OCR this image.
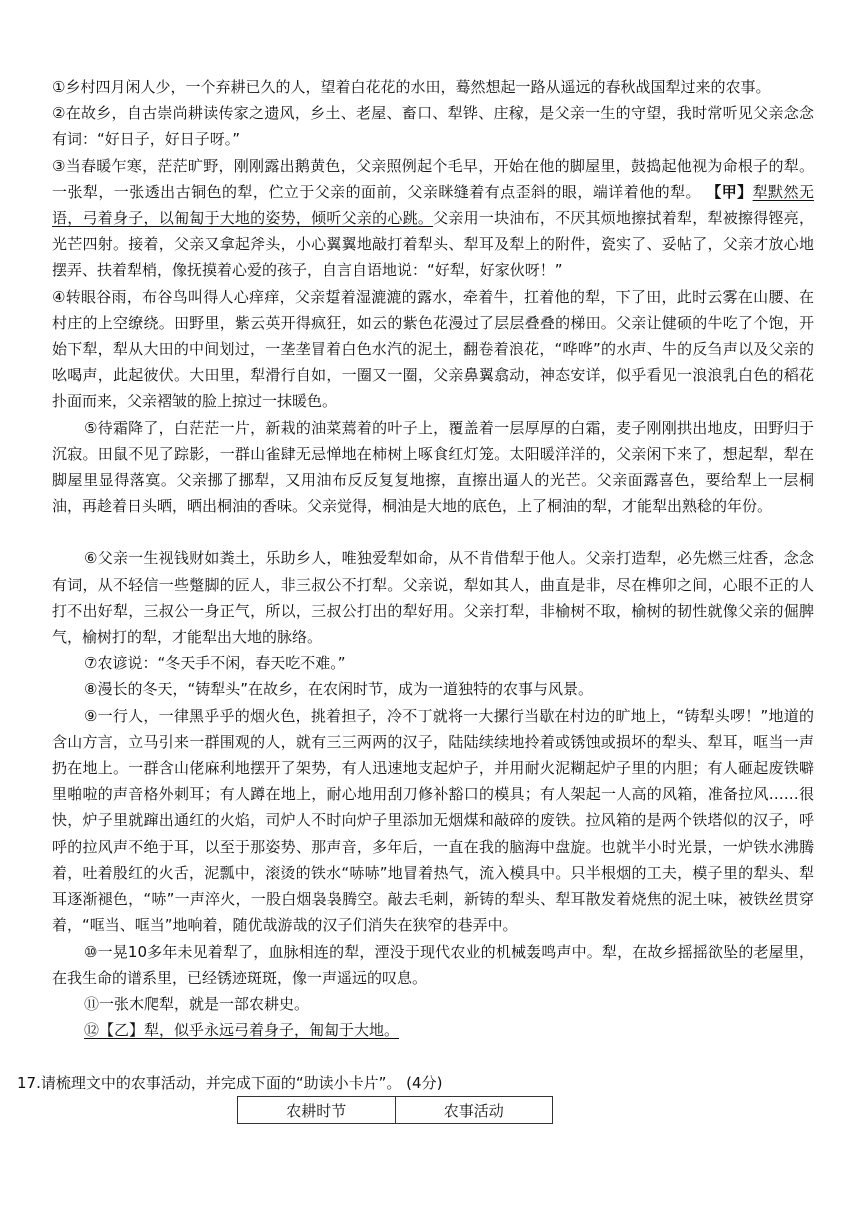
①乡村四月闲人少，一个弃耕已久的人，望着白花花的水田，蓦然想起一路从遥远的春秋战国犁过来的农事。

②在故乡，自古崇尚耕读传家之遗风，乡土、老屋、畜口、犁铧、庄稼，是父亲一生的守望，我时常听见父亲念念有词：“好日子，好日子呀。”

③当春暖乍寒，茫茫旷野，刚刚露出鹅黄色，父亲照例起个毛早，开始在他的脚屋里，鼓捣起他视为命根子的犁。一张犁，一张透出古铜色的犁，伫立于父亲的面前，父亲眯缝着有点歪斜的眼，端详着他的犁。 【甲】犁默然无语，弓着身子，以匍匐于大地的姿势，倾听父亲的心跳。父亲用一块油布，不厌其烦地擦拭着犁，犁被擦得铿亮，光芒四射。接着，父亲又拿起斧头，小心翼翼地敲打着犁头、犁耳及犁上的附件，瓷实了、妥帖了，父亲才放心地摆弄、扶着犁梢，像抚摸着心爱的孩子，自言自语地说：“好犁，好家伙呀！”

④转眼谷雨，布谷鸟叫得人心痒痒，父亲踅着湿漉漉的露水，牵着牛，扛着他的犁，下了田，此时云雾在山腰、在村庄的上空缭绕。田野里，紫云英开得疯狂，如云的紫色花漫过了层层叠叠的梯田。父亲让健硕的牛吃了个饱，开始下犁，犁从大田的中间划过，一垄垄冒着白色水汽的泥土，翻卷着浪花，“哗哗”的水声、牛的反刍声以及父亲的吆喝声，此起彼伏。大田里，犁滑行自如，一圈又一圈，父亲鼻翼翕动，神态安详，似乎看见一浪浪乳白色的稻花扑面而来，父亲褶皱的脸上掠过一抹暖色。

⑤待霜降了，白茫茫一片，新栽的油菜蔫着的叶子上，覆盖着一层厚厚的白霜，麦子刚刚拱出地皮，田野归于沉寂。田鼠不见了踪影，一群山雀肆无忌惮地在柿树上啄食红灯笼。太阳暖洋洋的，父亲闲下来了，想起犁，犁在脚屋里显得落寞。父亲挪了挪犁，又用油布反反复复地擦，直擦出逼人的光芒。父亲面露喜色，要给犁上一层桐油，再趁着日头晒，晒出桐油的香味。父亲觉得，桐油是大地的底色，上了桐油的犁，才能犁出熟稔的年份。

⑥父亲一生视钱财如粪土，乐助乡人，唯独爱犁如命，从不肯借犁于他人。父亲打造犁，必先燃三炷香，念念有词，从不轻信一些蹩脚的匠人，非三叔公不打犁。父亲说，犁如其人，曲直是非，尽在榫卯之间，心眼不正的人打不出好犁，三叔公一身正气，所以，三叔公打出的犁好用。父亲打犁，非榆树不取，榆树的韧性就像父亲的倔脾气，榆树打的犁，才能犁出大地的脉络。

⑦农谚说：“冬天手不闲，春天吃不难。”

⑧漫长的冬天，“铸犁头”在故乡，在农闲时节，成为一道独特的农事与风景。

⑨一行人，一律黑乎乎的烟火色，挑着担子，冷不丁就将一大摞行当歇在村边的旷地上，“铸犁头啰！”地道的含山方言，立马引来一群围观的人，就有三三两两的汉子，陆陆续续地拎着或锈蚀或损坏的犁头、犁耳，哐当一声扔在地上。一群含山佬麻利地摆开了架势，有人迅速地支起炉子，并用耐火泥糊起炉子里的内胆；有人砸起废铁噼里啪啦的声音格外刺耳；有人蹲在地上，耐心地用刮刀修补豁口的模具；有人架起一人高的风箱，准备拉风……很快，炉子里就蹿出通红的火焰，司炉人不时向炉子里添加无烟煤和敲碎的废铁。拉风箱的是两个铁塔似的汉子，呼呼的拉风声不绝于耳，以至于那姿势、那声音，多年后，一直在我的脑海中盘旋。也就半小时光景，一炉铁水沸腾着，吐着殷红的火舌，泥瓢中，滚烫的铁水“哧哧”地冒着热气，流入模具中。只半根烟的工夫，模子里的犁头、犁耳逐渐褪色，“哧”一声淬火，一股白烟袅袅腾空。敲去毛刺，新铸的犁头、犁耳散发着烧焦的泥土味，被铁丝贯穿着，“哐当、哐当”地响着，随优哉游哉的汉子们消失在狭窄的巷弄中。

⑩一晃10多年未见着犁了，血脉相连的犁，湮没于现代农业的机械轰鸣声中。犁，在故乡摇摇欲坠的老屋里，在我生命的谱系里，已经锈迹斑斑，像一声遥远的叹息。

⑪一张木爬犁，就是一部农耕史。

⑫【乙】犁，似乎永远弓着身子，匍匐于大地。

17.请梳理文中的农事活动，并完成下面的“助读小卡片”。 (4分)
农耕时节	农事活动
